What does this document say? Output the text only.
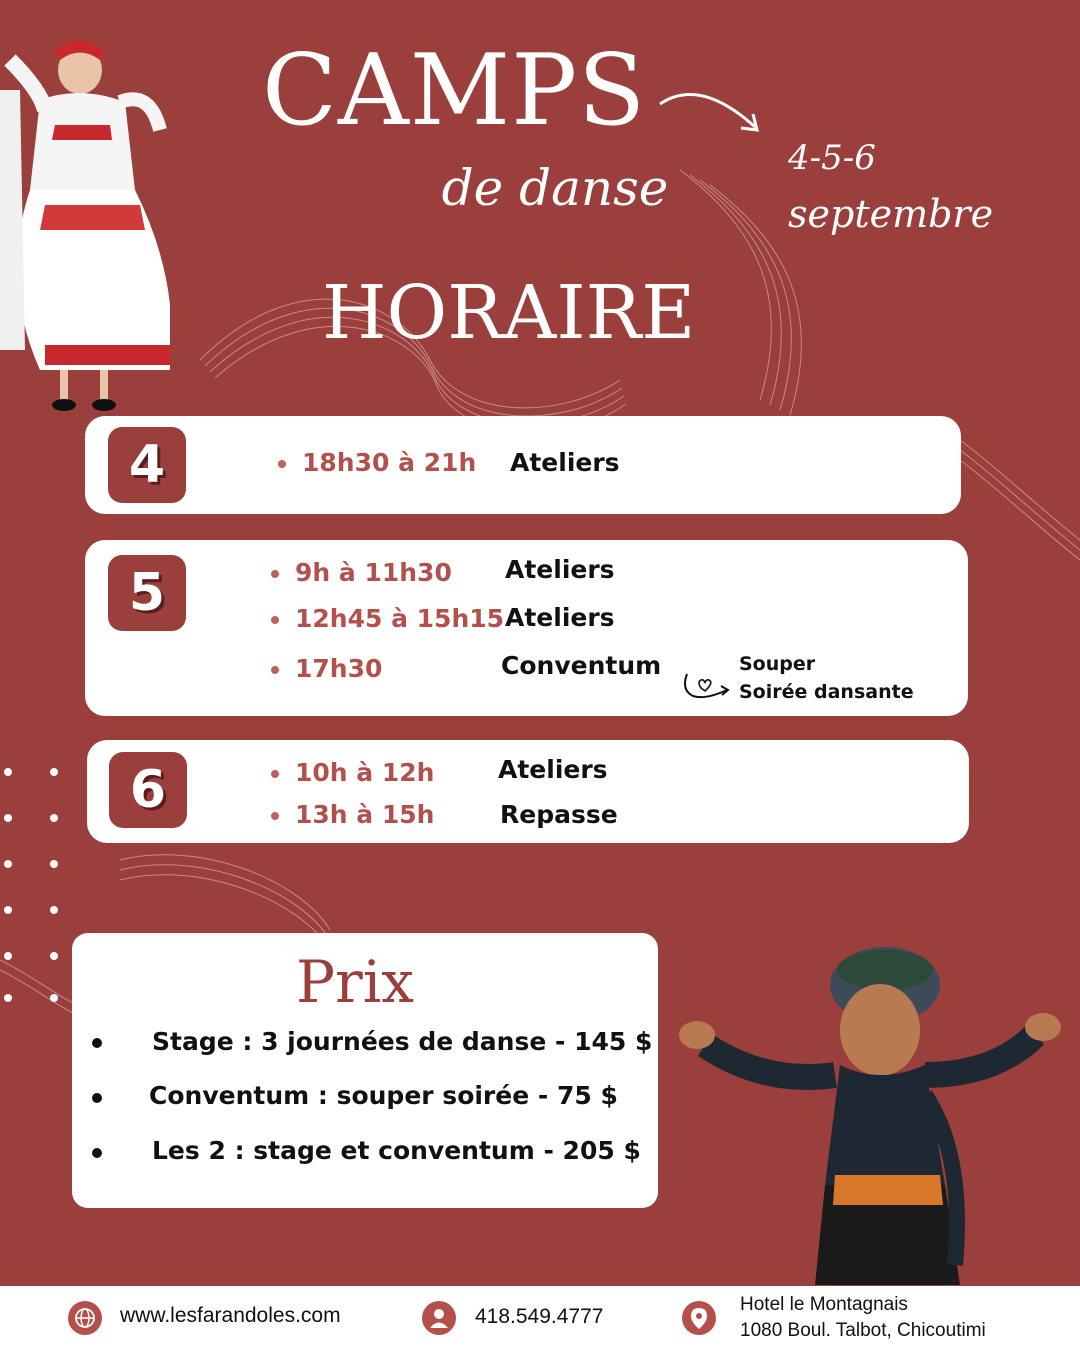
CAMPS
de danse
HORAIRE
4-5-6
septembre
4	18h30 à 21h Ateliers
5	9h à 11h30 Ateliers
12h45 à 15h15 Ateliers
17h30	Conventum	Souper
Soirée dansante
6	10h à 12h	Ateliers
13h à 15h	Repasse
Prix
Stage : 3 journées de danse - 145 $
Conventum : souper soirée - 75 $
Les 2 : stage et conventum - 205 $
www.lesfarandoles.com	418.549.4777
Hotel le Montagnais
1080 Boul. Talbot, Chicoutimi
